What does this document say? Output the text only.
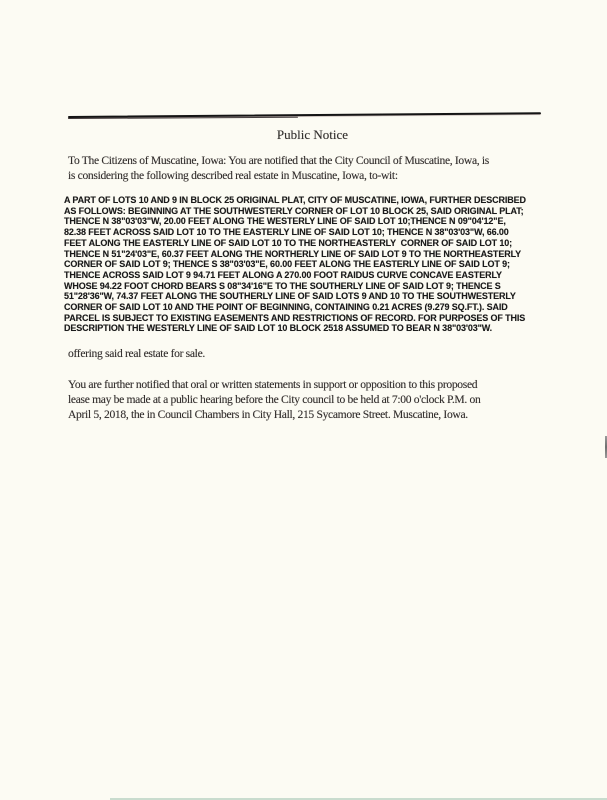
Public Notice
To The Citizens of Muscatine, Iowa: You are notified that the City Council of Muscatine, Iowa, is
is considering the following described real estate in Muscatine, Iowa, to-wit:
A PART OF LOTS 10 AND 9 IN BLOCK 25 ORIGINAL PLAT, CITY OF MUSCATINE, IOWA, FURTHER DESCRIBED
AS FOLLOWS: BEGINNING AT THE SOUTHWESTERLY CORNER OF LOT 10 BLOCK 25, SAID ORIGINAL PLAT;
THENCE N 38"03'03"W, 20.00 FEET ALONG THE WESTERLY LINE OF SAID LOT 10;THENCE N 09"04'12"E,
82.38 FEET ACROSS SAID LOT 10 TO THE EASTERLY LINE OF SAID LOT 10; THENCE N 38"03'03"W, 66.00
FEET ALONG THE EASTERLY LINE OF SAID LOT 10 TO THE NORTHEASTERLY  CORNER OF SAID LOT 10;
THENCE N 51"24'03"E, 60.37 FEET ALONG THE NORTHERLY LINE OF SAID LOT 9 TO THE NORTHEASTERLY
CORNER OF SAID LOT 9; THENCE S 38"03'03"E, 60.00 FEET ALONG THE EASTERLY LINE OF SAID LOT 9;
THENCE ACROSS SAID LOT 9 94.71 FEET ALONG A 270.00 FOOT RAIDUS CURVE CONCAVE EASTERLY
WHOSE 94.22 FOOT CHORD BEARS S 08"34'16"E TO THE SOUTHERLY LINE OF SAID LOT 9; THENCE S
51"28'36"W, 74.37 FEET ALONG THE SOUTHERLY LINE OF SAID LOTS 9 AND 10 TO THE SOUTHWESTERLY
CORNER OF SAID LOT 10 AND THE POINT OF BEGINNING, CONTAINING 0.21 ACRES (9.279 SQ.FT.). SAID
PARCEL IS SUBJECT TO EXISTING EASEMENTS AND RESTRICTIONS OF RECORD. FOR PURPOSES OF THIS
DESCRIPTION THE WESTERLY LINE OF SAID LOT 10 BLOCK 2518 ASSUMED TO BEAR N 38"03'03"W.
offering said real estate for sale.
You are further notified that oral or written statements in support or opposition to this proposed
lease may be made at a public hearing before the City council to be held at 7:00 o'clock P.M. on
April 5, 2018, the in Council Chambers in City Hall, 215 Sycamore Street. Muscatine, Iowa.
